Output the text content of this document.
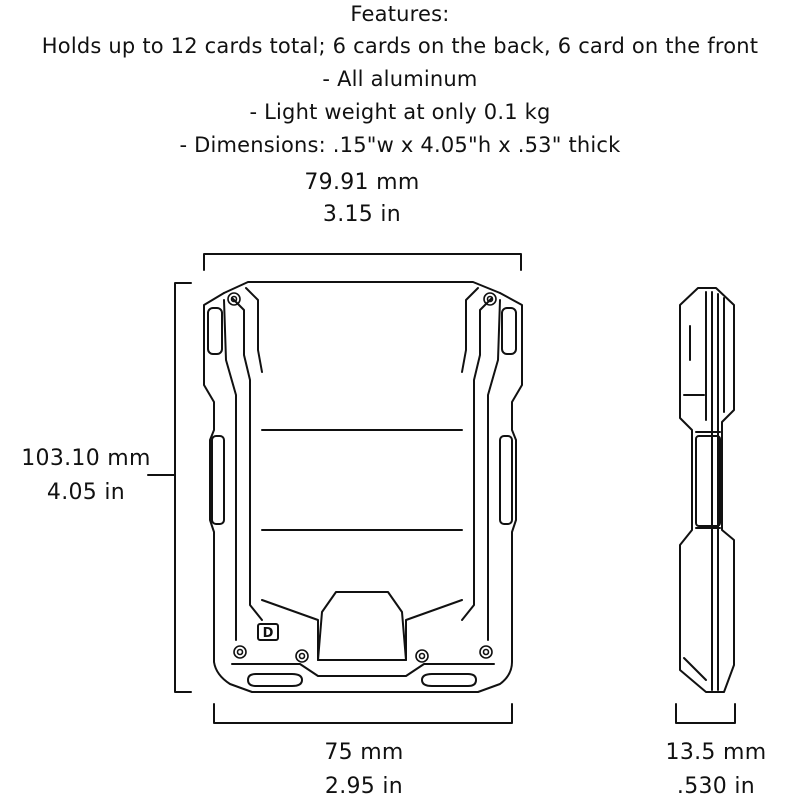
Features:
Holds up to 12 cards total; 6 cards on the back, 6 card on the front
- All aluminum
- Light weight at only 0.1 kg
- Dimensions: .15"w x 4.05"h x .53" thick
79.91 mm
3.15 in
103.10 mm
4.05 in
75 mm
2.95 in
13.5 mm
.530 in
D
